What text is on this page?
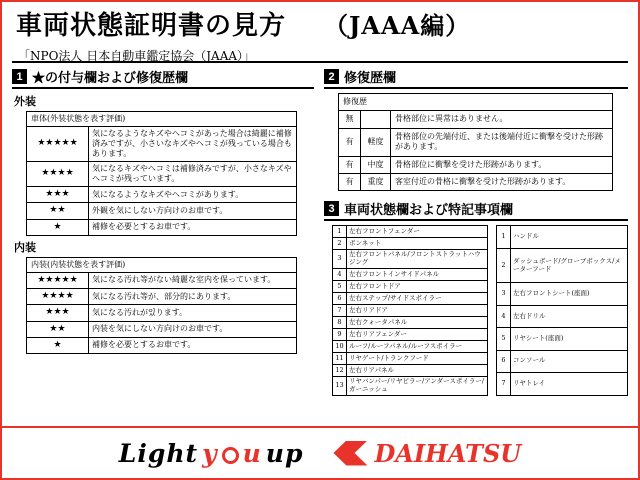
車両状態証明書の見方 （JAAA編）
「NPO法人 日本自動車鑑定協会（JAAA）」
1 ★の付与欄および修復歴欄
外装
車体(外装状態を表す評価)	
★★★★★	気になるようなキズやヘコミがあった場合は綺麗に補修済みですが、小さいなキズやヘコミが残っている場合もあります。
★★★★	気になるキズやヘコミは補修済みですが、小さなキズやヘコミが残っています。
★★★	気になるようなキズやヘコミがあります。
★★	外観を気にしない方向けのお車です。
★	補修を必要とするお車です。
内装
内装(内装状態を表す評価)	
★★★★★	気になる汚れ等がない綺麗な室内を保っています。
★★★★	気になる汚れ等が、部分的にあります。
★★★	気になる汚れが있ります。
★★	内装を気にしない方向けのお車です。
★	補修を必要とするお車です。
2 修復歴欄
修復歴		
無		骨格部位に異常はありません。
有	軽度	骨格部位の先端付近、または後端付近に衝撃を受けた形跡があります。
有	中度	骨格部位に衝撃を受けた形跡があります。
有	重度	客室付近の骨格に衝撃を受けた形跡があります。
3 車両状態欄および特記事項欄
1	左右フロントフェンダー
2	ボンネット
3	左右フロントパネル/フロントストラットハウジング
4	左右フロントインサイドパネル
5	左右フロントドア
6	左右ステップ/サイドスポイラー
7	左右リアドア
8	左右クォータパネル
9	左右リアフェンダー
10	ルーフ/ルーフパネル/ルーフスポイラー
11	リヤゲート/トランクフード
12	左右リアパネル
13	リヤバンパー/リヤピラー/アンダースポイラー/ガーニッシュ
1	ハンドル
2	ダッシュボード/グローブボックス/メーターフード
3	左右フロントシート(座面)
4	左右ドリル
5	リヤシート(座面)
6	コンソール
7	リヤトレイ
Light y u up	DAIHATSU
